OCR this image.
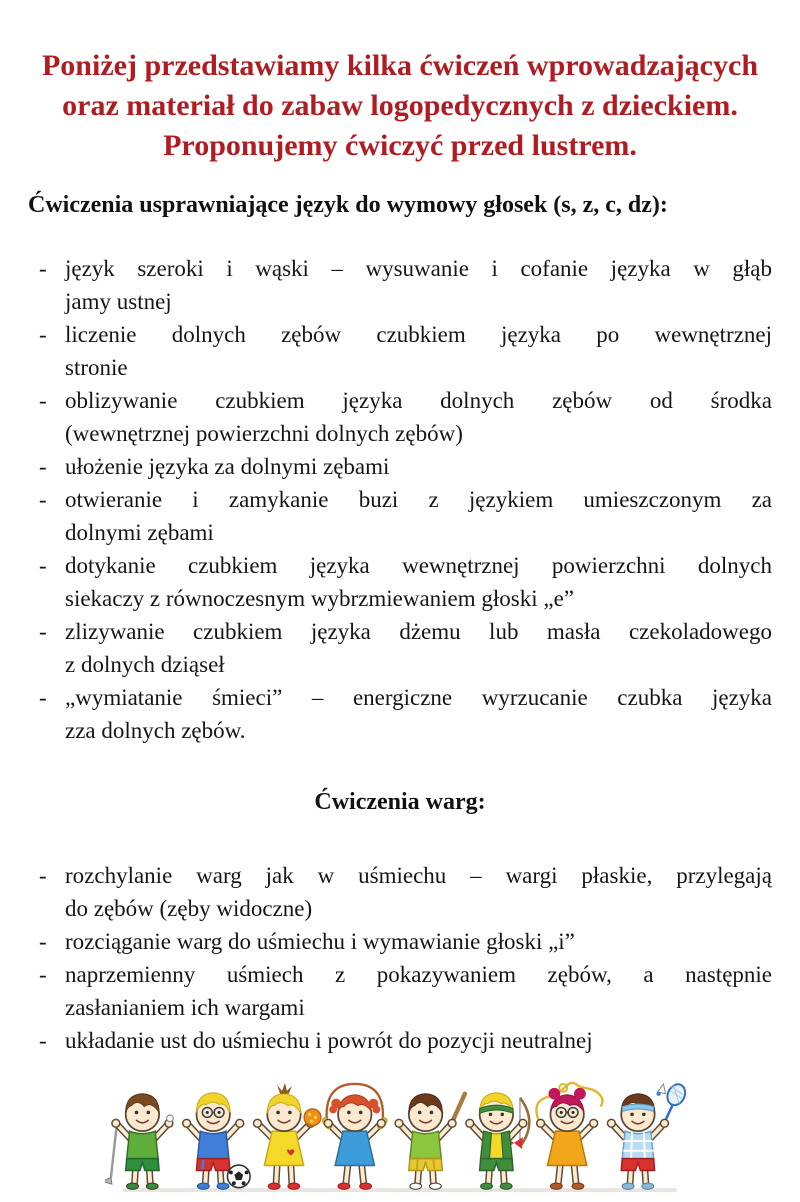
Poniżej przedstawiamy kilka ćwiczeń wprowadzających
oraz materiał do zabaw logopedycznych z dzieckiem.
Proponujemy ćwiczyć przed lustrem.
Ćwiczenia usprawniające język do wymowy głosek (s, z, c, dz):
- język szeroki i wąski – wysuwanie i cofanie języka w głąb
jamy ustnej
- liczenie dolnych zębów czubkiem języka po wewnętrznej
stronie
- oblizywanie czubkiem języka dolnych zębów od środka
(wewnętrznej powierzchni dolnych zębów)
- ułożenie języka za dolnymi zębami
- otwieranie i zamykanie buzi z językiem umieszczonym za
dolnymi zębami
- dotykanie czubkiem języka wewnętrznej powierzchni dolnych
siekaczy z równoczesnym wybrzmiewaniem głoski „e”
- zlizywanie czubkiem języka dżemu lub masła czekoladowego
z dolnych dziąseł
- „wymiatanie śmieci” – energiczne wyrzucanie czubka języka
zza dolnych zębów.
Ćwiczenia warg:
- rozchylanie warg jak w uśmiechu – wargi płaskie, przylegają
do zębów (zęby widoczne)
- rozciąganie warg do uśmiechu i wymawianie głoski „i”
- naprzemienny uśmiech z pokazywaniem zębów, a następnie
zasłanianiem ich wargami
- układanie ust do uśmiechu i powrót do pozycji neutralnej
